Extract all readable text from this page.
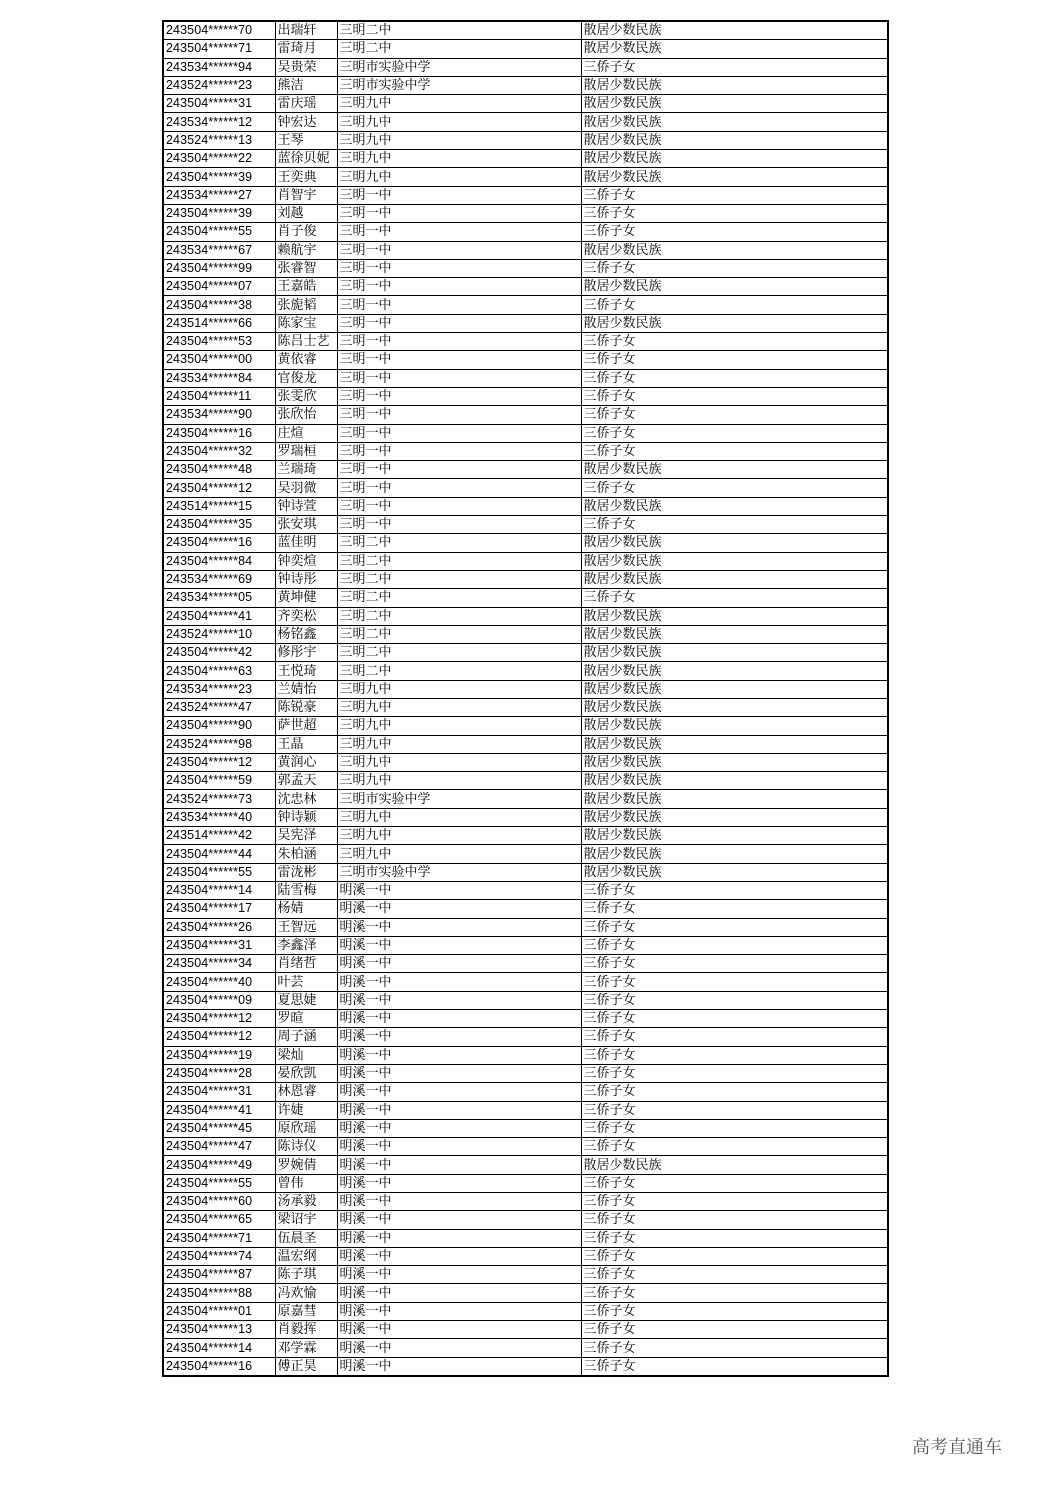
243504******70	出瑞轩	三明二中	散居少数民族
243504******71	雷琦月	三明二中	散居少数民族
243534******94	吴贵荣	三明市实验中学	三侨子女
243524******23	熊洁	三明市实验中学	散居少数民族
243504******31	雷庆瑶	三明九中	散居少数民族
243534******12	钟宏达	三明九中	散居少数民族
243524******13	王琴	三明九中	散居少数民族
243504******22	蓝徐贝妮	三明九中	散居少数民族
243504******39	王奕典	三明九中	散居少数民族
243534******27	肖智宇	三明一中	三侨子女
243504******39	刘越	三明一中	三侨子女
243504******55	肖子俊	三明一中	三侨子女
243534******67	赖航宇	三明一中	散居少数民族
243504******99	张睿智	三明一中	三侨子女
243504******07	王嘉皓	三明一中	散居少数民族
243504******38	张旎韬	三明一中	三侨子女
243514******66	陈家宝	三明一中	散居少数民族
243504******53	陈吕士艺	三明一中	三侨子女
243504******00	黄依睿	三明一中	三侨子女
243534******84	官俊龙	三明一中	三侨子女
243504******11	张雯欣	三明一中	三侨子女
243534******90	张欣怡	三明一中	三侨子女
243504******16	庄煊	三明一中	三侨子女
243504******32	罗瑞桓	三明一中	三侨子女
243504******48	兰瑞琦	三明一中	散居少数民族
243504******12	吴羽微	三明一中	三侨子女
243514******15	钟诗萱	三明一中	散居少数民族
243504******35	张安琪	三明一中	三侨子女
243504******16	蓝佳明	三明二中	散居少数民族
243504******84	钟奕煊	三明二中	散居少数民族
243534******69	钟诗彤	三明二中	散居少数民族
243534******05	黄坤健	三明二中	三侨子女
243504******41	齐奕松	三明二中	散居少数民族
243524******10	杨铭鑫	三明二中	散居少数民族
243504******42	修彤宇	三明二中	散居少数民族
243504******63	王悦琦	三明二中	散居少数民族
243534******23	兰婧怡	三明九中	散居少数民族
243524******47	陈锐豪	三明九中	散居少数民族
243504******90	萨世超	三明九中	散居少数民族
243524******98	王晶	三明九中	散居少数民族
243504******12	黄润心	三明九中	散居少数民族
243504******59	郭孟天	三明九中	散居少数民族
243524******73	沈忠林	三明市实验中学	散居少数民族
243534******40	钟诗颖	三明九中	散居少数民族
243514******42	吴宪泽	三明九中	散居少数民族
243504******44	朱柏涵	三明九中	散居少数民族
243504******55	雷泷彬	三明市实验中学	散居少数民族
243504******14	陆雪梅	明溪一中	三侨子女
243504******17	杨婧	明溪一中	三侨子女
243504******26	王智远	明溪一中	三侨子女
243504******31	李鑫泽	明溪一中	三侨子女
243504******34	肖绪哲	明溪一中	三侨子女
243504******40	叶芸	明溪一中	三侨子女
243504******09	夏思婕	明溪一中	三侨子女
243504******12	罗暄	明溪一中	三侨子女
243504******12	周子涵	明溪一中	三侨子女
243504******19	梁灿	明溪一中	三侨子女
243504******28	晏欣凯	明溪一中	三侨子女
243504******31	林恩睿	明溪一中	三侨子女
243504******41	许婕	明溪一中	三侨子女
243504******45	原欣瑶	明溪一中	三侨子女
243504******47	陈诗仪	明溪一中	三侨子女
243504******49	罗婉倩	明溪一中	散居少数民族
243504******55	曾伟	明溪一中	三侨子女
243504******60	汤承毅	明溪一中	三侨子女
243504******65	梁诏宇	明溪一中	三侨子女
243504******71	伍晨圣	明溪一中	三侨子女
243504******74	温宏纲	明溪一中	三侨子女
243504******87	陈子琪	明溪一中	三侨子女
243504******88	冯欢愉	明溪一中	三侨子女
243504******01	原嘉彗	明溪一中	三侨子女
243504******13	肖毅挥	明溪一中	三侨子女
243504******14	邓学霖	明溪一中	三侨子女
243504******16	傅正昊	明溪一中	三侨子女
高考直通车
